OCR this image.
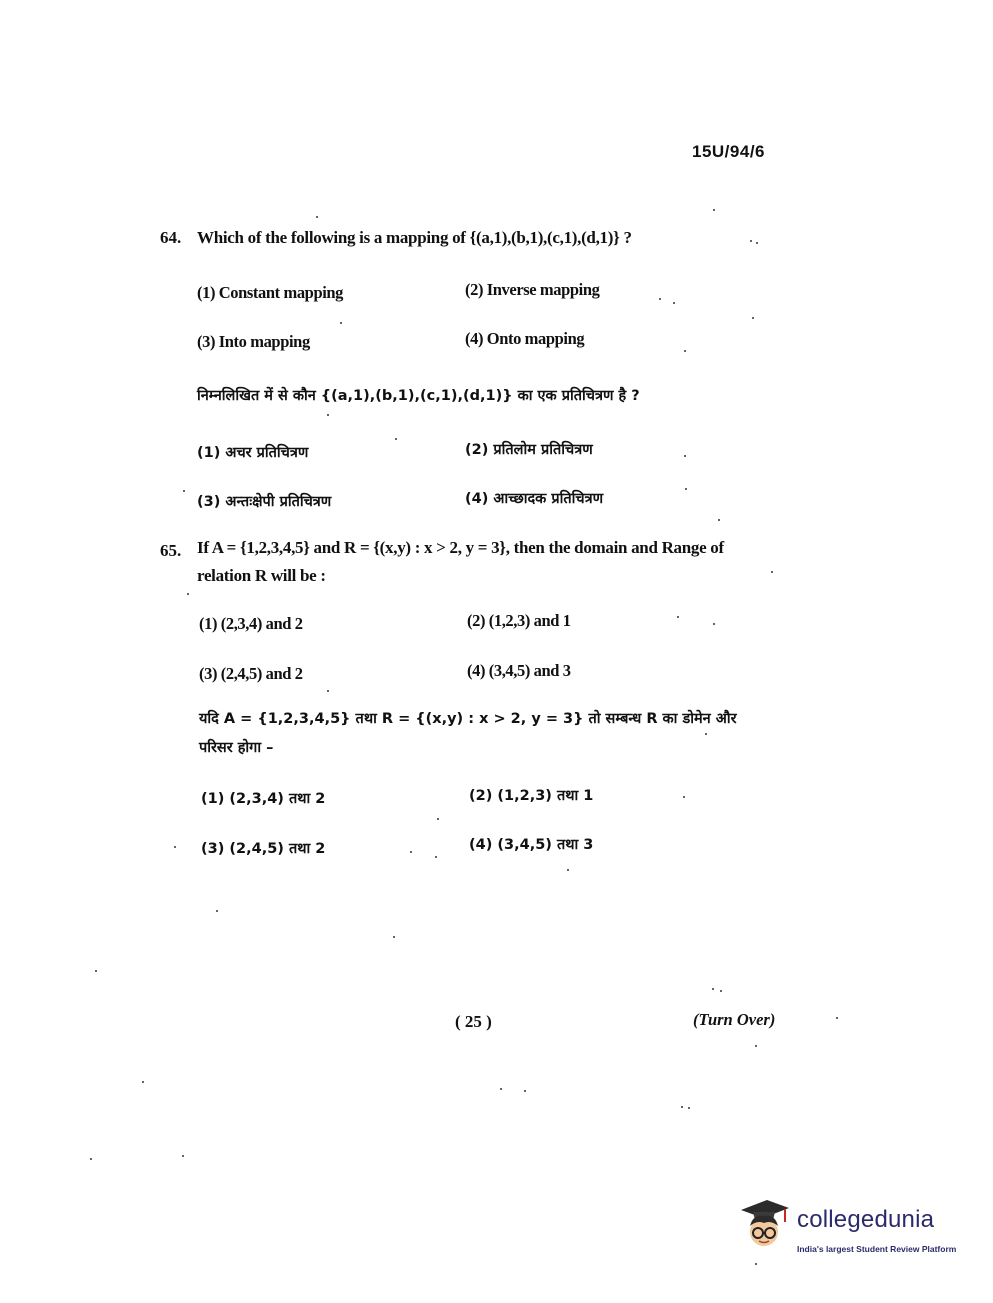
15U/94/6
64. Which of the following is a mapping of {(a,1),(b,1),(c,1),(d,1)} ?
(1) Constant mapping	(2) Inverse mapping
(3) Into mapping	(4) Onto mapping
निम्नलिखित में से कौन {(a,1),(b,1),(c,1),(d,1)} का एक प्रतिचित्रण है ?
(1) अचर प्रतिचित्रण	(2) प्रतिलोम प्रतिचित्रण
(3) अन्तःक्षेपी प्रतिचित्रण	(4) आच्छादक प्रतिचित्रण
65. If A = {1,2,3,4,5} and R = {(x,y) : x > 2, y = 3}, then the domain and Range of
relation R will be :
(1) (2,3,4) and 2	(2) (1,2,3) and 1
(3) (2,4,5) and 2	(4) (3,4,5) and 3
यदि A = {1,2,3,4,5} तथा R = {(x,y) : x > 2, y = 3} तो सम्बन्ध R का डोमेन और
परिसर होगा –
(1) (2,3,4) तथा 2	(2) (1,2,3) तथा 1
(3) (2,4,5) तथा 2	(4) (3,4,5) तथा 3
( 25 )	(Turn Over)
collegedunia
India's largest Student Review Platform
